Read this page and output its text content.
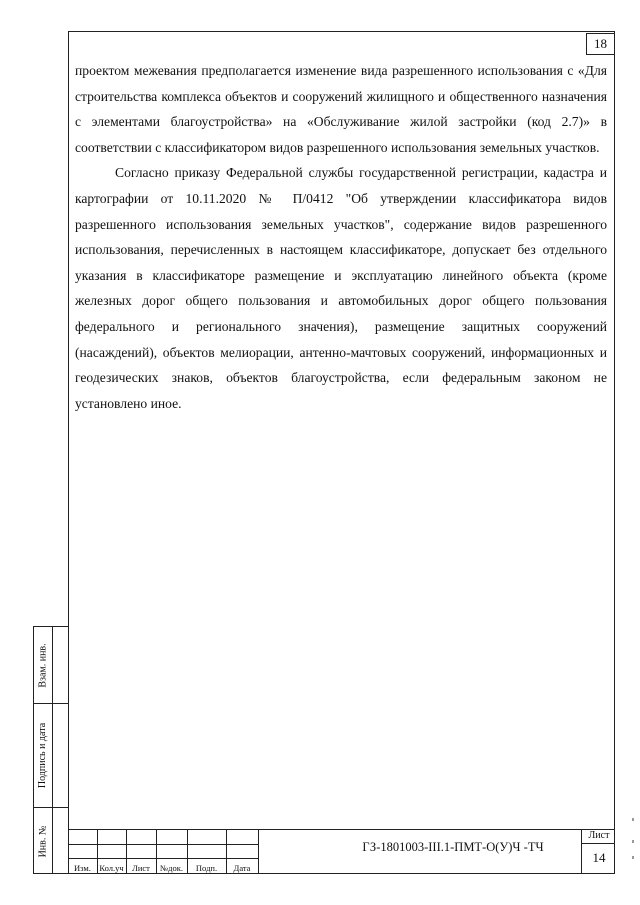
18

проектом межевания предполагается изменение вида разрешенного использования с «Для строительства комплекса объектов и сооружений жилищного и общественного назначения с элементами благоустройства» на «Обслуживание жилой застройки (код 2.7)» в соответствии с классификатором видов разрешенного использования земельных участков.

Согласно приказу Федеральной службы государственной регистрации, кадастра и картографии от 10.11.2020 № П/0412 "Об утверждении классификатора видов разрешенного использования земельных участков", содержание видов разрешенного использования, перечисленных в настоящем классификаторе, допускает без отдельного указания в классификаторе размещение и эксплуатацию линейного объекта (кроме железных дорог общего пользования и автомобильных дорог общего пользования федерального и регионального значения), размещение защитных сооружений (насаждений), объектов мелиорации, антенно-мачтовых сооружений, информационных и геодезических знаков, объектов благоустройства, если федеральным законом не установлено иное.

Взам. инв.
Подпись и дата
Инв. №
Изм. Кол.уч Лист	№док.	Подп.	Дата
ГЗ-1801003-III.1-ПМТ-О(У)Ч -ТЧ
Лист
14
